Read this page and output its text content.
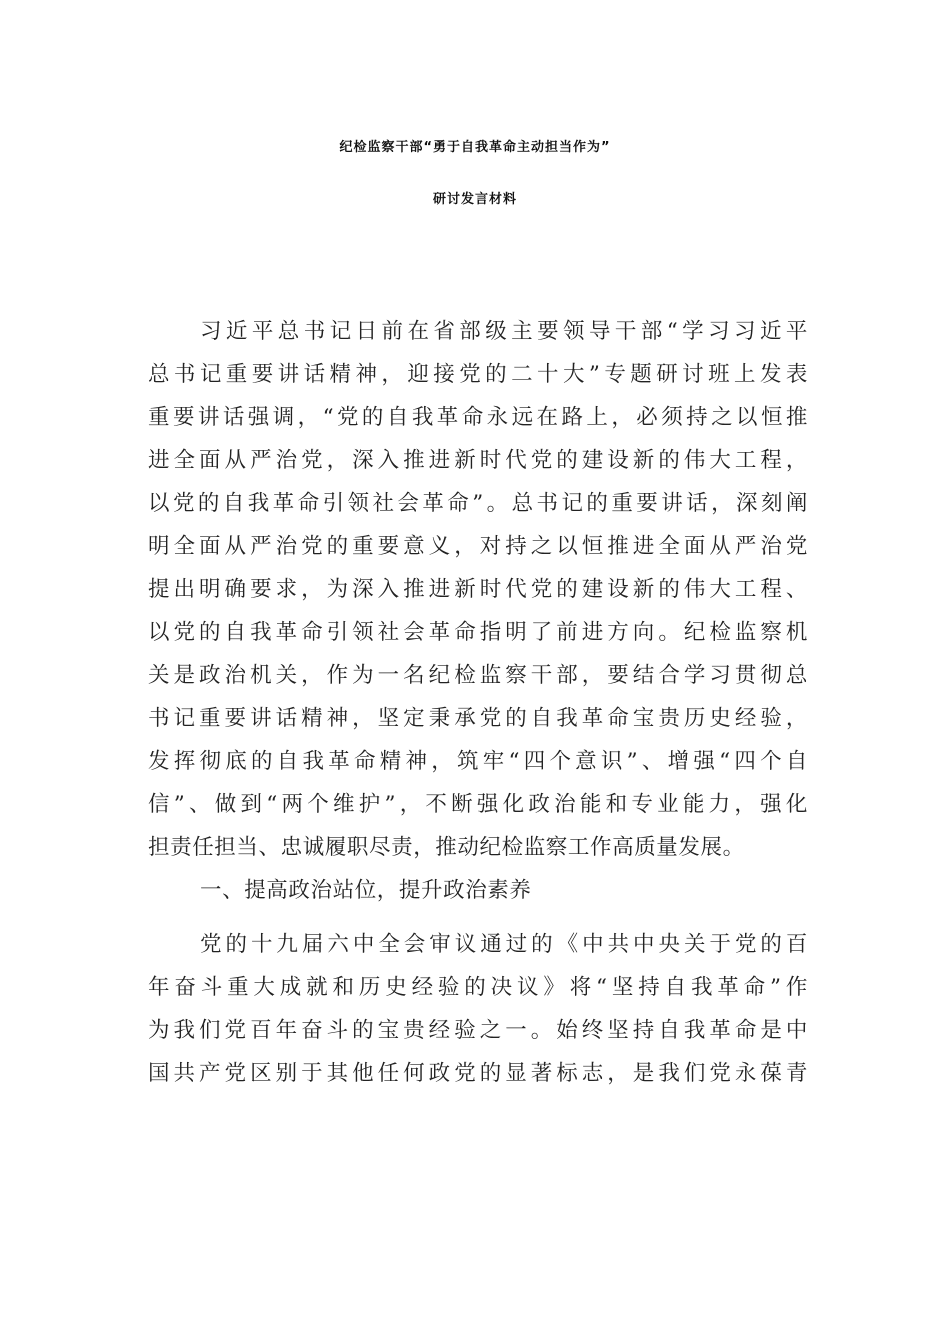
纪检监察干部“勇于自我革命主动担当作为”
研讨发言材料
习近平总书记日前在省部级主要领导干部“学习习近平
总书记重要讲话精神，迎接党的二十大”专题研讨班上发表
重要讲话强调，“党的自我革命永远在路上，必须持之以恒推
进全面从严治党，深入推进新时代党的建设新的伟大工程，
以党的自我革命引领社会革命”。总书记的重要讲话，深刻阐
明全面从严治党的重要意义，对持之以恒推进全面从严治党
提出明确要求，为深入推进新时代党的建设新的伟大工程、
以党的自我革命引领社会革命指明了前进方向。纪检监察机
关是政治机关，作为一名纪检监察干部，要结合学习贯彻总
书记重要讲话精神，坚定秉承党的自我革命宝贵历史经验，
发挥彻底的自我革命精神，筑牢“四个意识”、增强“四个自
信”、做到“两个维护”，不断强化政治能和专业能力，强化
担责任担当、忠诚履职尽责，推动纪检监察工作高质量发展。
一、提高政治站位，提升政治素养
党的十九届六中全会审议通过的《中共中央关于党的百
年奋斗重大成就和历史经验的决议》将“坚持自我革命”作
为我们党百年奋斗的宝贵经验之一。始终坚持自我革命是中
国共产党区别于其他任何政党的显著标志，是我们党永葆青
